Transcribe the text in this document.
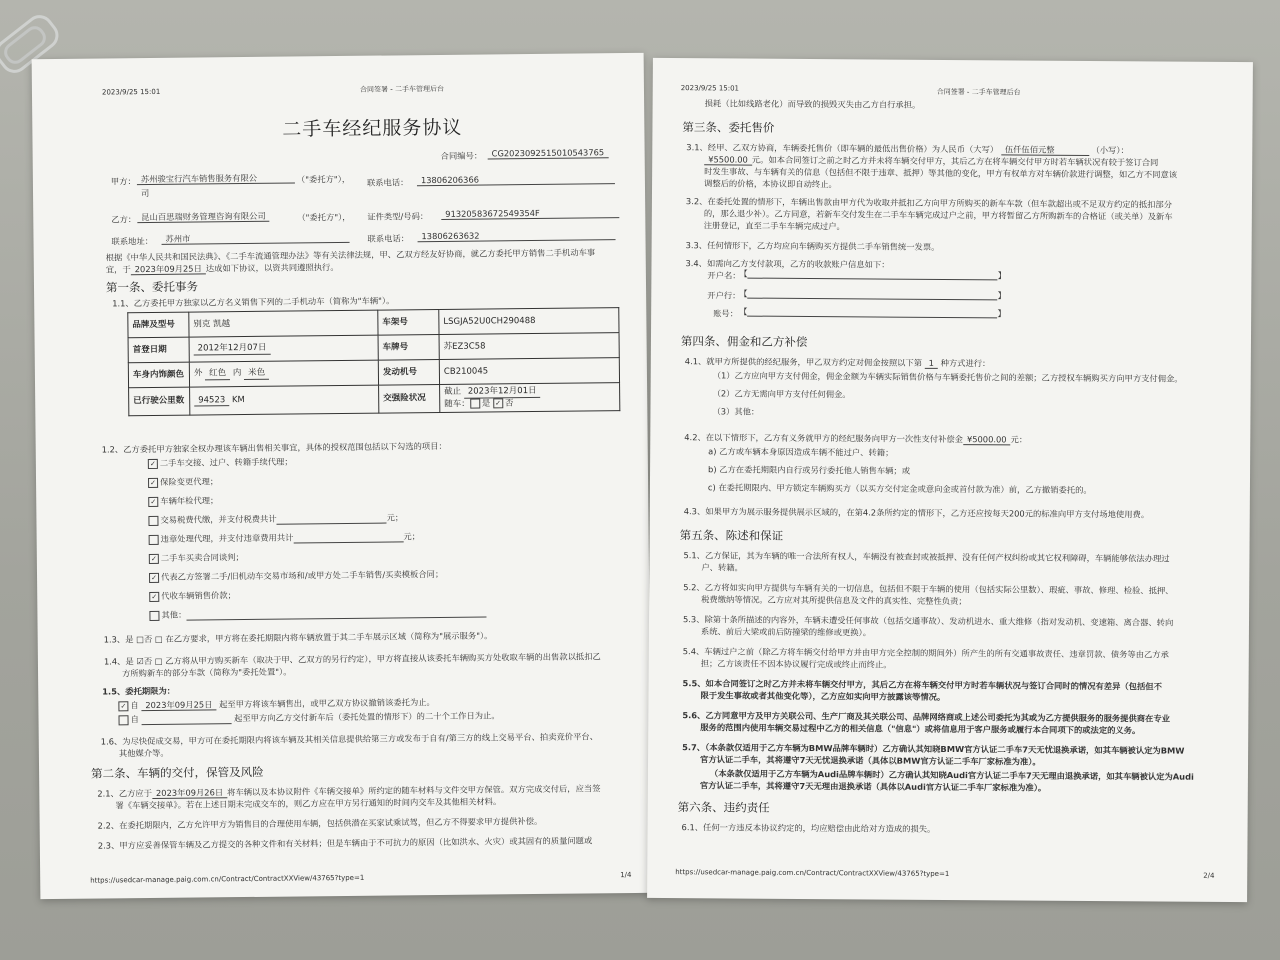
2023/9/25 15:01	合同签署 - 二手车管理后台
二手车经纪服务协议
合同编号：	CG2023092515010543765
甲方： 苏州骏宝行汽车销售服务有限公
司
（"委托方"）， 联系电话：	13806206366
乙方： 昆山百思瑞财务管理咨询有限公司	（"委托方"）， 证件类型/号码：	91320583672549354F
联系地址：	苏州市	联系电话：	13806263632
根据《中华人民共和国民法典》、《二手车流通管理办法》等有关法律法规，甲、乙双方经友好协商，就乙方委托甲方销售二手机动车事
宜，于 2023年09月25日 达成如下协议，以资共同遵照执行。
第一条、委托事务
1.1、乙方委托甲方独家以乙方名义销售下列的二手机动车（简称为"车辆"）。
品牌及型号	别克 凯越	车架号	LSGJA52U0CH290488
首登日期	2012年12月07日	车牌号	苏EZ3C58
车身内饰颜色	外 红色 内 米色	发动机号	CB210045
已行驶公里数	94523 KM	交强险状况	截止 2023年12月01日
随车： 是 ✓ 否
1.2、乙方委托甲方独家全权办理该车辆出售相关事宜，具体的授权范围包括以下勾选的项目：
✓ 二手车交接、过户、转籍手续代理；
✓ 保险变更代理；
✓ 车辆年检代理；
交易税费代缴，并支付税费共计	元；
违章处理代理，并支付违章费用共计	元；
✓ 二手车买卖合同谈判；
✓ 代表乙方签署二手/旧机动车交易市场和/或甲方处二手车销售/买卖模板合同；
✓ 代收车辆销售价款；
其他：
1.3、是 □否 □ 在乙方要求，甲方将在委托期限内将车辆放置于其二手车展示区域（简称为"展示服务"）。
1.4、是 ☑否 □ 乙方将从甲方购买新车（取决于甲、乙双方的另行约定），甲方将直接从该委托车辆购买方处收取车辆的出售款以抵扣乙
方所购新车的部分车款（简称为"委托处置"）。
1.5、委托期限为：
✓ 自 2023年09月25日 起至甲方将该车辆售出，或甲乙双方协议撤销该委托为止。
自	起至甲方向乙方交付新车后（委托处置的情形下）的二十个工作日为止。
1.6、为尽快促成交易，甲方可在委托期限内将该车辆及其相关信息提供给第三方或发布于自有/第三方的线上交易平台、拍卖竞价平台、
其他媒介等。
第二条、车辆的交付，保管及风险
2.1、乙方应于 2023年09月26日 将车辆以及本协议附件《车辆交接单》所约定的随车材料与文件交甲方保管。双方完成交付后，应当签
署《车辆交接单》。若在上述日期未完成交车的，则乙方应在甲方另行通知的时间内交车及其他相关材料。
2.2、在委托期限内，乙方允许甲方为销售目的合理使用车辆，包括供潜在买家试乘试驾，但乙方不得要求甲方提供补偿。
2.3、甲方应妥善保管车辆及乙方提交的各种文件和有关材料；但是车辆由于不可抗力的原因（比如洪水、火灾）或其固有的质量问题或
https://usedcar-manage.paig.com.cn/Contract/ContractXXView/43765?type=1	1/4
2023/9/25 15:01	合同签署 - 二手车管理后台
损耗（比如线路老化）而导致的损毁灭失由乙方自行承担。
第三条、委托售价
3.1、经甲、乙双方协商，车辆委托售价（即车辆的最低出售价格）为人民币（大写） 伍仟伍佰元整	（小写）：
¥5500.00 元。如本合同签订之前之时乙方并未将车辆交付甲方，其后乙方在将车辆交付甲方时若车辆状况有较于签订合同
时发生事故、与车辆有关的信息（包括但不限于违章、抵押）等其他的变化，甲方有权单方对车辆价款进行调整，如乙方不同意该
调整后的价格，本协议即自动终止。
3.2、在委托处置的情形下，车辆出售款由甲方代为收取并抵扣乙方向甲方所购买的新车车款（但车款超出或不足双方约定的抵扣部分
的，那么退少补）。乙方同意，若新车交付发生在二手车车辆完成过户之前，甲方将暂留乙方所购新车的合格证（或关单）及新车
注册登记，直至二手车车辆完成过户。
3.3、任何情形下，乙方均应向车辆购买方提供二手车销售统一发票。
3.4、如需向乙方支付款项，乙方的收款账户信息如下：
开户名：
【	】
开户行：
【	】
账号： 【	】
第四条、佣金和乙方补偿
4.1、就甲方所提供的经纪服务，甲乙双方约定对佣金按照以下第 1 种方式进行：
（1）乙方应向甲方支付佣金，佣金金额为车辆实际销售价格与车辆委托售价之间的差额；乙方授权车辆购买方向甲方支付佣金。
（2）乙方无需向甲方支付任何佣金。
（3）其他：
4.2、在以下情形下，乙方有义务就甲方的经纪服务向甲方一次性支付补偿金 ¥5000.00 元：
a) 乙方或车辆本身原因造成车辆不能过户、转籍；
b) 乙方在委托期限内自行或另行委托他人销售车辆；或
c) 在委托期限内、甲方锁定车辆购买方（以买方交付定金或意向金或首付款为准）前，乙方撤销委托的。
4.3、如果甲方为展示服务提供展示区域的，在第4.2条所约定的情形下，乙方还应按每天200元的标准向甲方支付场地使用费。
第五条、陈述和保证
5.1、乙方保证，其为车辆的唯一合法所有权人，车辆没有被查封或被抵押、没有任何产权纠纷或其它权利障碍，车辆能够依法办理过
户、转籍。
5.2、乙方将如实向甲方提供与车辆有关的一切信息，包括但不限于车辆的使用（包括实际公里数）、瑕疵、事故、修理、检验、抵押、
税费缴纳等情况。乙方应对其所提供信息及文件的真实性、完整性负责；
5.3、除第十条所描述的内容外，车辆未遭受任何事故（包括交通事故）、发动机进水、重大维修（指对发动机、变速箱、离合器、转向
系统、前后大梁或前后防撞梁的维修或更换）。
5.4、车辆过户之前（除乙方将车辆交付给甲方并由甲方完全控制的期间外）所产生的所有交通事故责任、违章罚款、债务等由乙方承
担；乙方该责任不因本协议履行完成或终止而终止。
5.5、如本合同签订之时乙方并未将车辆交付甲方，其后乙方在将车辆交付甲方时若车辆状况与签订合同时的情况有差异（包括但不
限于发生事故或者其他变化等），乙方应如实向甲方披露该等情况。
5.6、乙方同意甲方及甲方关联公司、生产厂商及其关联公司、品牌网络商或上述公司委托为其或为乙方提供服务的服务提供商在专业
服务的范围内使用车辆交易过程中乙方的相关信息（"信息"）或将信息用于客户服务或履行本合同项下的或法定的义务。
5.7、（本条款仅适用于乙方车辆为BMW品牌车辆时）乙方确认其知晓BMW官方认证二手车7天无忧退换承诺，如其车辆被认定为BMW
官方认证二手车，其将遵守7天无忧退换承诺（具体以BMW官方认证二手车厂家标准为准）。
（本条款仅适用于乙方车辆为Audi品牌车辆时）乙方确认其知晓Audi官方认证二手车7天无理由退换承诺，如其车辆被认定为Audi
官方认证二手车，其将遵守7天无理由退换承诺（具体以Audi官方认证二手车厂家标准为准）。
第六条、违约责任
6.1、任何一方违反本协议约定的，均应赔偿由此给对方造成的损失。
https://usedcar-manage.paig.com.cn/Contract/ContractXXView/43765?type=1	2/4
